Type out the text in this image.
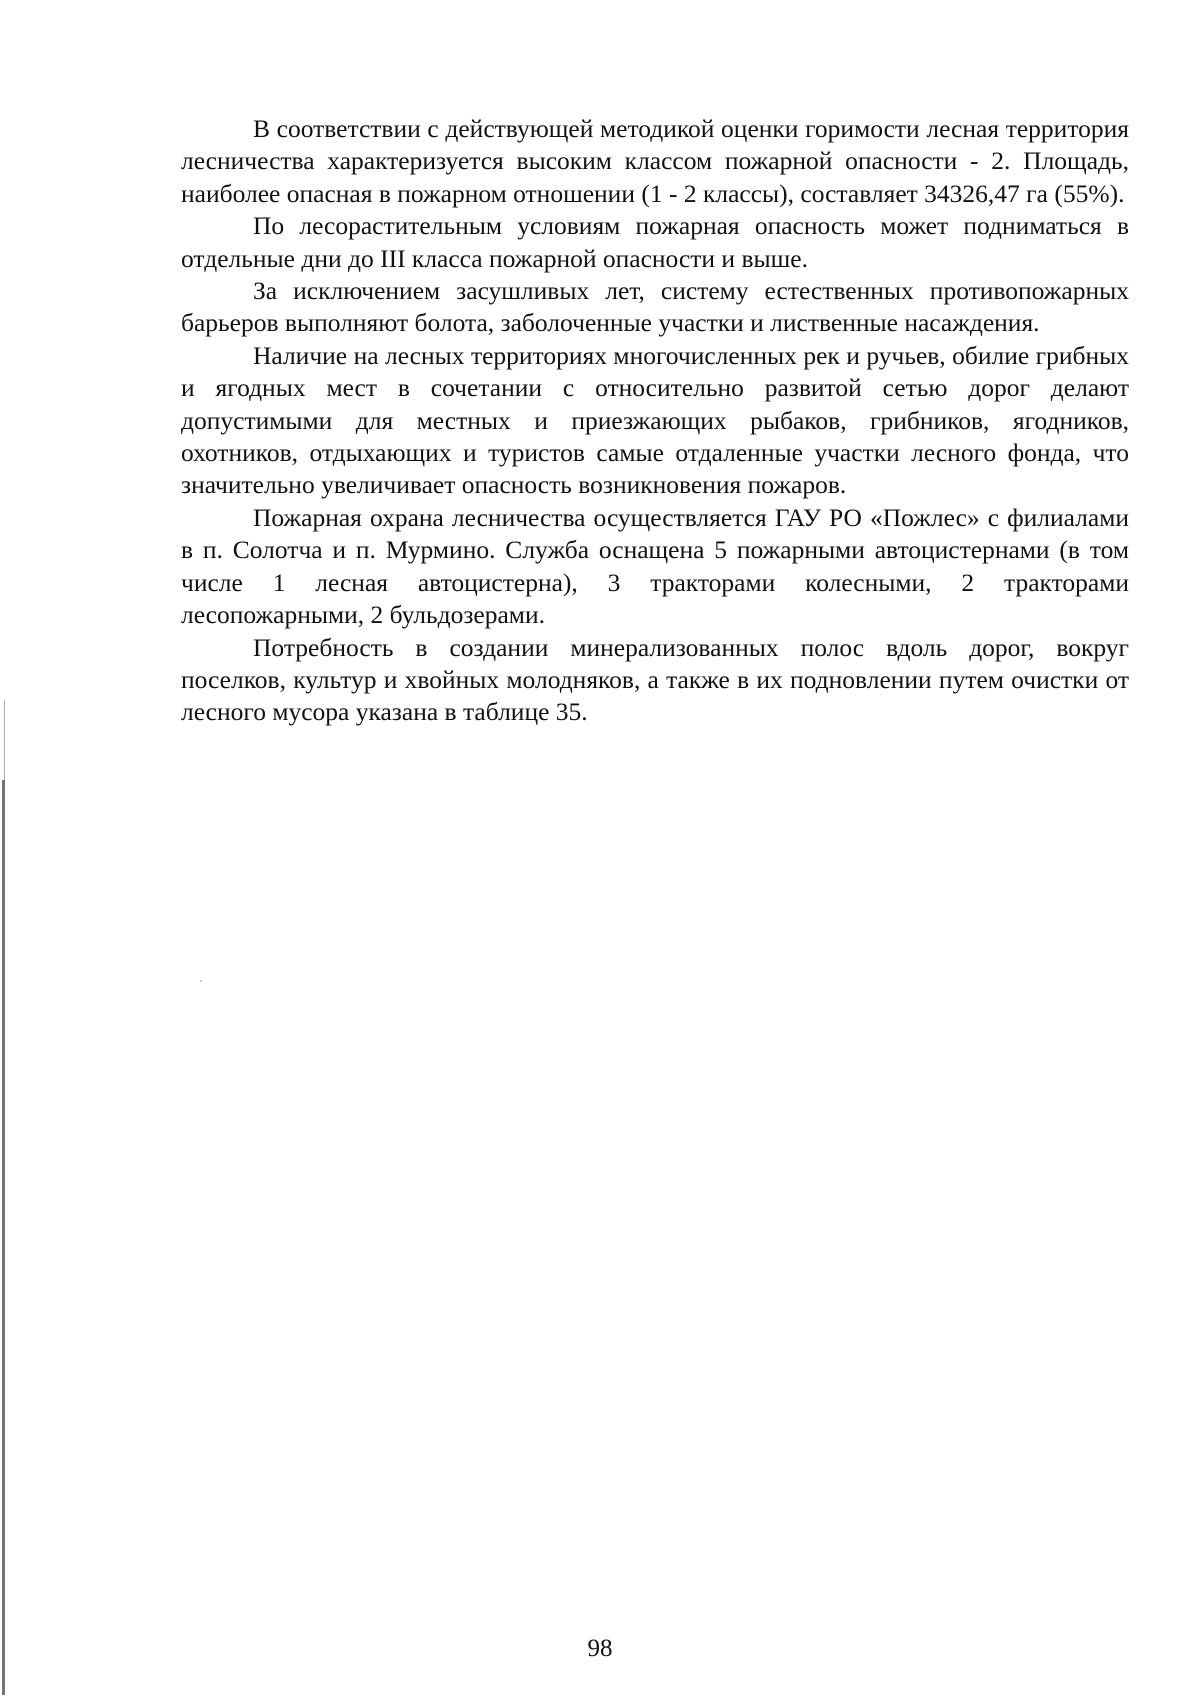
В соответствии с действующей методикой оценки горимости лесная территория лесничества характеризуется высоким классом пожарной опасности - 2. Площадь, наиболее опасная в пожарном отношении (1 - 2 классы), составляет 34326,47 га (55%).

По лесорастительным условиям пожарная опасность может подниматься в отдельные дни до III класса пожарной опасности и выше.

За исключением засушливых лет, систему естественных противопожарных барьеров выполняют болота, заболоченные участки и лиственные насаждения.

Наличие на лесных территориях многочисленных рек и ручьев, обилие грибных и ягодных мест в сочетании с относительно развитой сетью дорог делают допустимыми для местных и приезжающих рыбаков, грибников, ягодников, охотников, отдыхающих и туристов самые отдаленные участки лесного фонда, что значительно увеличивает опасность возникновения пожаров.

Пожарная охрана лесничества осуществляется ГАУ РО «Пожлес» с филиалами в п. Солотча и п. Мурмино. Служба оснащена 5 пожарными автоцистернами (в том числе 1 лесная автоцистерна), 3 тракторами колесными, 2 тракторами лесопожарными, 2 бульдозерами.

Потребность в создании минерализованных полос вдоль дорог, вокруг поселков, культур и хвойных молодняков, а также в их подновлении путем очистки от лесного мусора указана в таблице 35.

98
